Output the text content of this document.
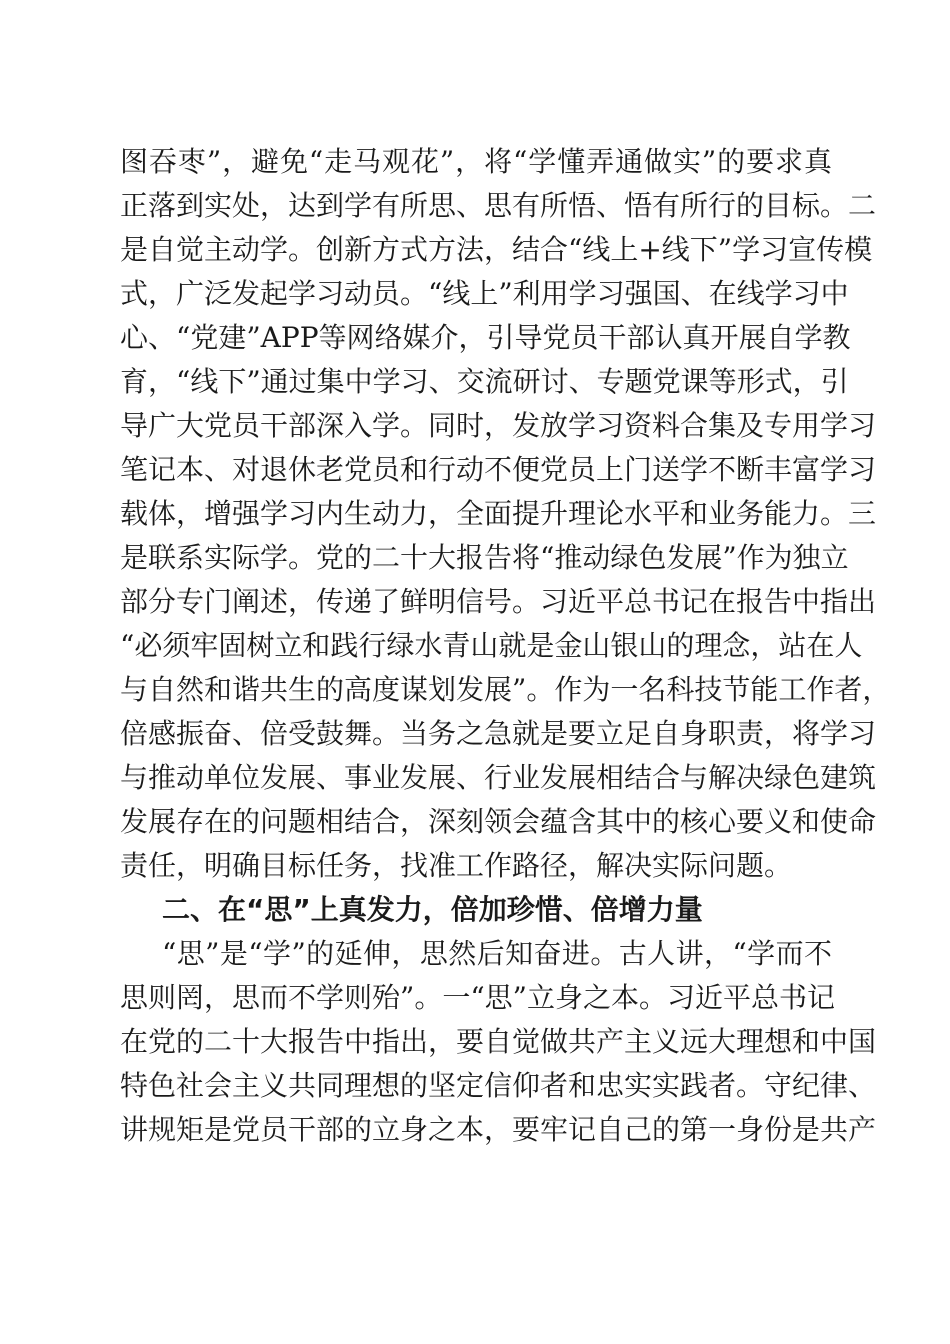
图吞枣”，避免“走马观花”，将“学懂弄通做实”的要求真
正落到实处，达到学有所思、思有所悟、悟有所行的目标。二
是自觉主动学。创新方式方法，结合“线上+线下”学习宣传模
式，广泛发起学习动员。“线上”利用学习强国、在线学习中
心、“党建”APP等网络媒介，引导党员干部认真开展自学教
育，“线下”通过集中学习、交流研讨、专题党课等形式，引
导广大党员干部深入学。同时，发放学习资料合集及专用学习
笔记本、对退休老党员和行动不便党员上门送学不断丰富学习
载体，增强学习内生动力，全面提升理论水平和业务能力。三
是联系实际学。党的二十大报告将“推动绿色发展”作为独立
部分专门阐述，传递了鲜明信号。习近平总书记在报告中指出
“必须牢固树立和践行绿水青山就是金山银山的理念，站在人
与自然和谐共生的高度谋划发展”。作为一名科技节能工作者，
倍感振奋、倍受鼓舞。当务之急就是要立足自身职责，将学习
与推动单位发展、事业发展、行业发展相结合与解决绿色建筑
发展存在的问题相结合，深刻领会蕴含其中的核心要义和使命
责任，明确目标任务，找准工作路径，解决实际问题。
二、在“思”上真发力，倍加珍惜、倍增力量
“思”是“学”的延伸，思然后知奋进。古人讲，“学而不
思则罔，思而不学则殆”。一“思”立身之本。习近平总书记
在党的二十大报告中指出，要自觉做共产主义远大理想和中国
特色社会主义共同理想的坚定信仰者和忠实实践者。守纪律、
讲规矩是党员干部的立身之本，要牢记自己的第一身份是共产
